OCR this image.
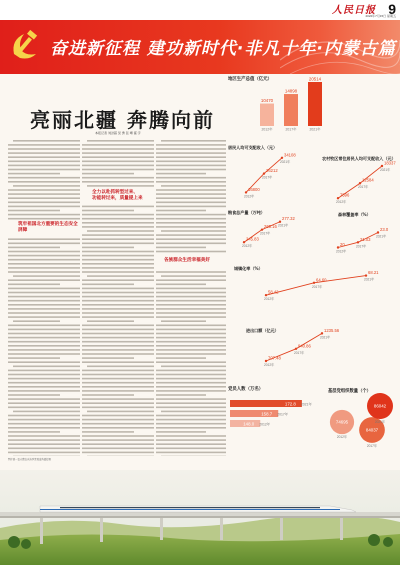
人民日报 9
2022年7月15日 星期五
奋进新征程 建功新时代·非凡十年·内蒙古篇
亮丽北疆 奔腾向前
本报记者 刘洪超 吴 勇 张 晴 富 宇
筑牢祖国北方重要的生态安全屏障
全力以赴抓转型过来、
功能转过来，质量提上来
各族群众生活幸福美好
图片统一由内蒙古自治区党委宣传部提供
地区生产总值（亿元）
10470
2012年
14898
2017年
20514
2021年
居民人均可支配收入（元）
16800
2012年
26212
2017年
34108
2021年
农村牧区常住居民人均可支配收入（元）
7596
2012年
12584
2017年
18337
2021年
粮食总产量（万吨）
245.83
2012年
265.16
2017年
277.32
2021年
森林覆盖率（%）
20
2012年
21.03
2017年
23.0
2021年
城镇化率（%）
58.42
2012年
64.60
2017年
68.21
2021年
进出口额（亿元）
707.48
2012年
940.86
2017年
1235.56
2021年
党员人数（万名）
148.0 2012年
158.7 2017年
172.8 2021年
基层党组织数量（个）
74695
2012年
84037
2017年
86042
2021年
